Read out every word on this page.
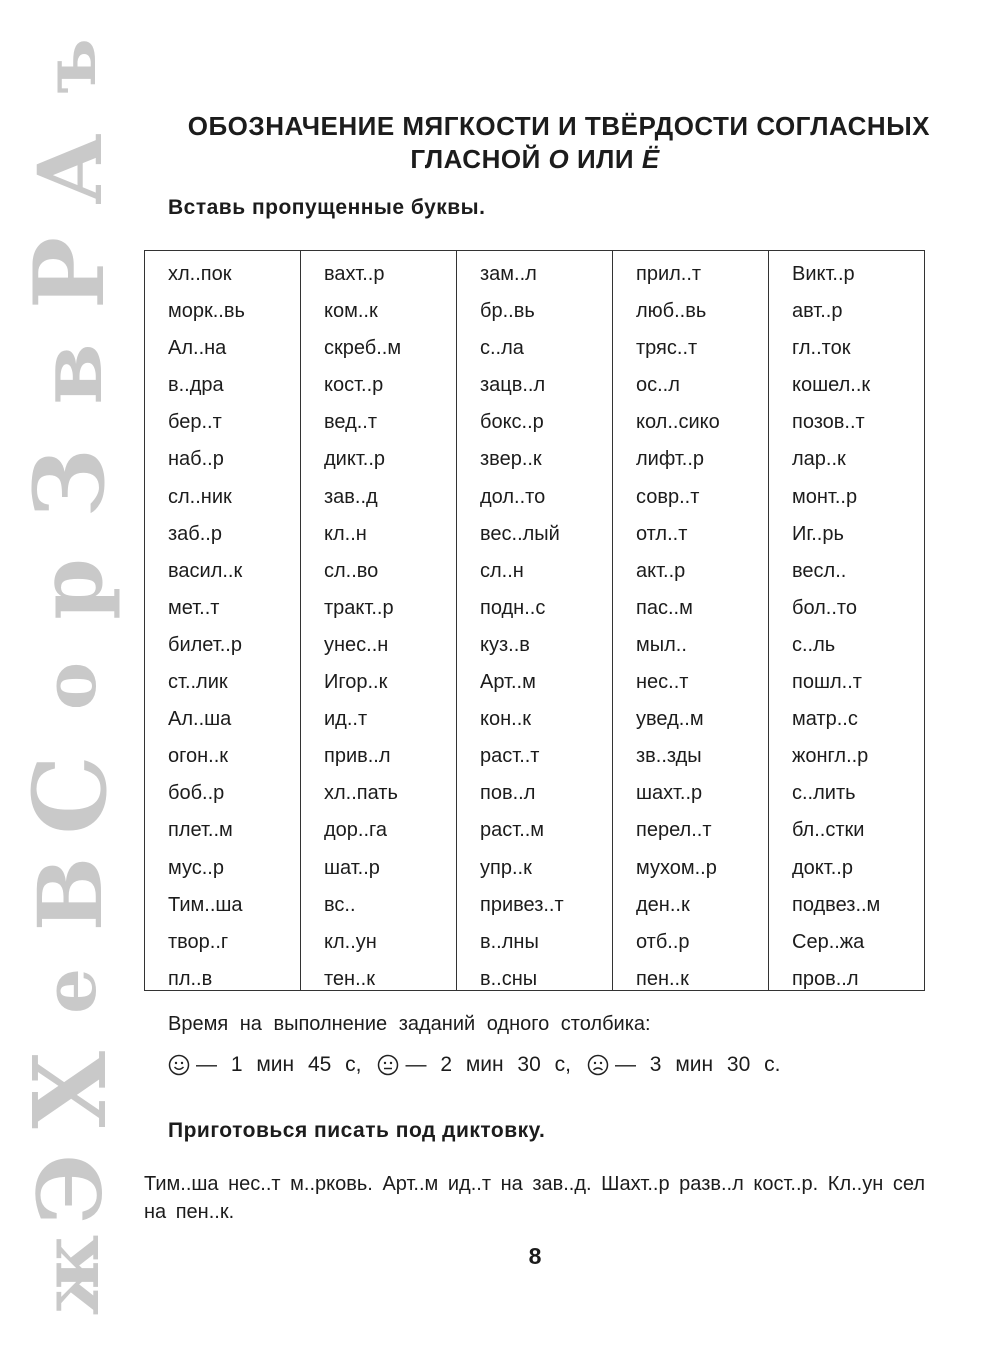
ъ
А
Р
в
З
р
о
С
В
е
Х
Э
ж
ОБОЗНАЧЕНИЕ МЯГКОСТИ И ТВЁРДОСТИ СОГЛАСНЫХ
ГЛАСНОЙ О ИЛИ Ё
Вставь пропущенные буквы.
хл..пок
морк..вь
Ал..на
в..дра
бер..т
наб..р
сл..ник
заб..р
васил..к
мет..т
билет..р
ст..лик
Ал..ша
огон..к
боб..р
плет..м
мус..р
Тим..ша
твор..г
пл..в
вахт..р
ком..к
скреб..м
кост..р
вед..т
дикт..р
зав..д
кл..н
сл..во
тракт..р
унес..н
Игор..к
ид..т
прив..л
хл..пать
дор..га
шат..р
вс..
кл..ун
тен..к
зам..л
бр..вь
с..ла
зацв..л
бокс..р
звер..к
дол..то
вес..лый
сл..н
подн..с
куз..в
Арт..м
кон..к
раст..т
пов..л
раст..м
упр..к
привез..т
в..лны
в..сны
прил..т
люб..вь
тряс..т
ос..л
кол..сико
лифт..р
совр..т
отл..т
акт..р
пас..м
мыл..
нес..т
увед..м
зв..зды
шахт..р
перел..т
мухом..р
ден..к
отб..р
пен..к
Викт..р
авт..р
гл..ток
кошел..к
позов..т
лар..к
монт..р
Иг..рь
весл..
бол..то
с..ль
пошл..т
матр..с
жонгл..р
с..лить
бл..стки
докт..р
подвез..м
Сер..жа
пров..л
Время на выполнение заданий одного столбика:
— 1 мин 45 с,	— 2 мин 30 с,	— 3 мин 30 с.
Приготовься писать под диктовку.
Тим..ша нес..т м..рковь. Арт..м ид..т на зав..д. Шахт..р разв..л кост..р. Кл..ун сел на пен..к.
8
